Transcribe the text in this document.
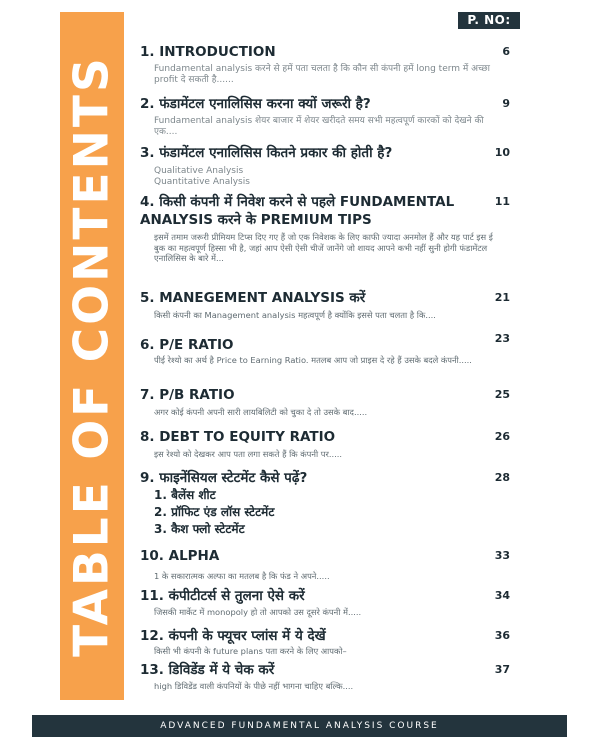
TABLE OF CONTENTS
P. NO:

1. INTRODUCTION

Fundamental analysis करने से हमें पता चलता है कि कौन सी कंपनी हमें long term में अच्छा profit दे सकती है......
6

2. फंडामेंटल एनालिसिस करना क्यों जरूरी है?

Fundamental analysis शेयर बाजार में शेयर खरीदते समय सभी महत्वपूर्ण कारकों को देखने की एक....
9

3. फंडामेंटल एनालिसिस कितने प्रकार की होती है?

Qualitative Analysis
Quantitative Analysis
10

4. किसी कंपनी में निवेश करने से पहले FUNDAMENTAL ANALYSIS करने के PREMIUM TIPS

इसमें तमाम जरूरी प्रीमियम टिप्स दिए गए हैं जो एक निवेशक के लिए काफी ज्यादा अनमोल हैं और यह पार्ट इस ई बुक का महत्वपूर्ण हिस्सा भी है, जहां आप ऐसी ऐसी चीजें जानेंगे जो शायद आपने कभी नहीं सुनी होगी फंडामेंटल एनालिसिस के बारे में...
11

5. MANEGEMENT ANALYSIS करें

किसी कंपनी का Management analysis महत्वपूर्ण है क्योंकि इससे पता चलता है कि....
21

6. P/E RATIO

पीई रेश्यो का अर्थ है Price to Earning Ratio. मतलब आप जो प्राइस दे रहे हैं उसके बदले कंपनी.....
23

7. P/B RATIO

अगर कोई कंपनी अपनी सारी लायबिलिटी को चुका दे तो उसके बाद.....
25

8. DEBT TO EQUITY RATIO

इस रेश्यो को देखकर आप पता लगा सकते हैं कि कंपनी पर.....
26

9. फाइनेंसियल स्टेटमेंट कैसे पढ़ें?

1. बैलेंस शीट
2. प्रॉफिट एंड लॉस स्टेटमेंट
3. कैश फ्लो स्टेटमेंट
28

10. ALPHA

1 के सकारात्मक अल्फा का मतलब है कि फंड ने अपने.....
33

11. कंपीटीटर्स से तुलना ऐसे करें

जिसकी मार्केट में monopoly हो तो आपको उस दूसरे कंपनी में.....
34

12. कंपनी के फ्यूचर प्लांस में ये देखें

किसी भी कंपनी के future plans पता करने के लिए आपको–
36

13. डिविडेंड में ये चेक करें

high डिविडेंड वाली कंपनियों के पीछे नहीं भागना चाहिए बल्कि....
37
ADVANCED FUNDAMENTAL ANALYSIS COURSE
